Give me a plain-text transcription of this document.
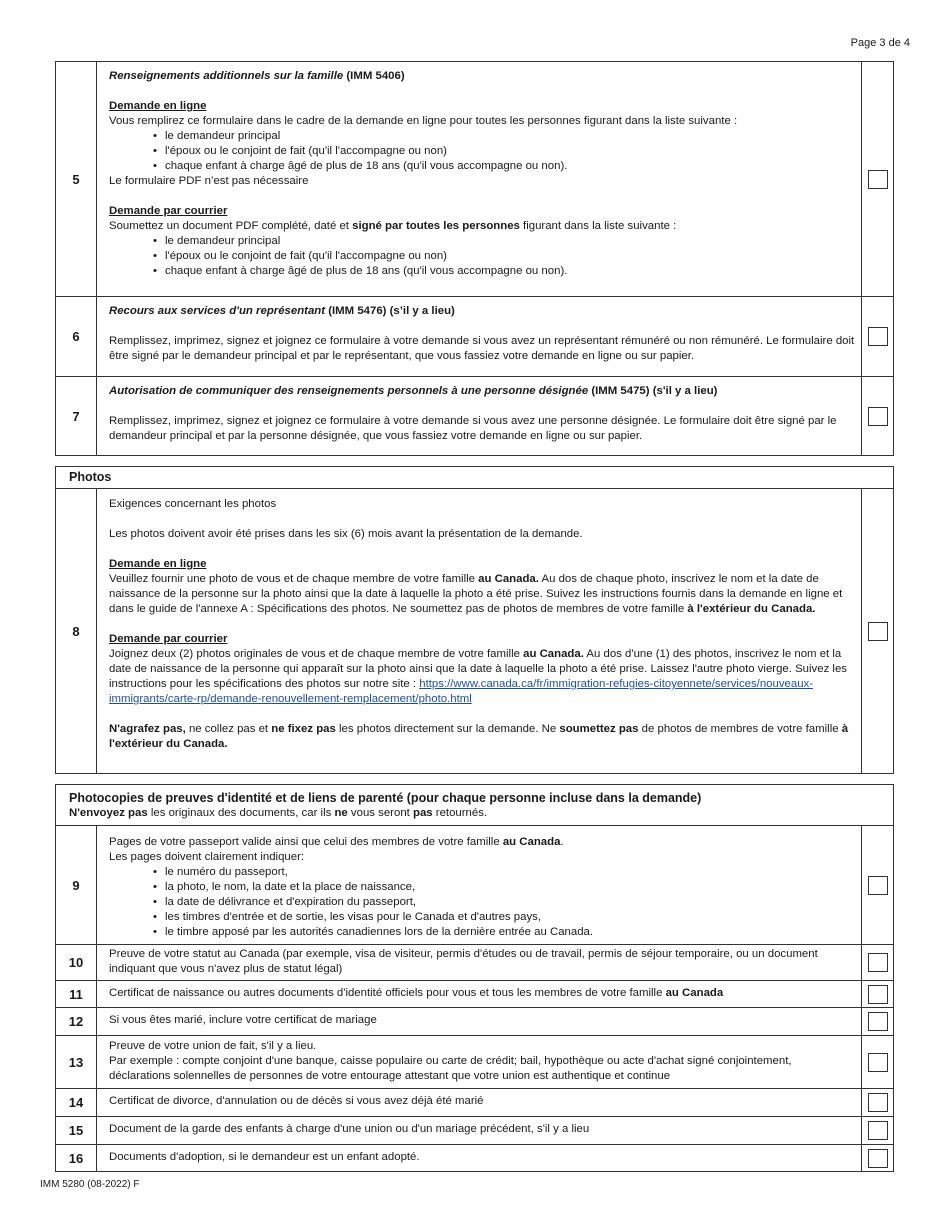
Page 3 de 4
5
Renseignements additionnels sur la famille (IMM 5406)
Demande en ligne
Vous remplirez ce formulaire dans le cadre de la demande en ligne pour toutes les personnes figurant dans la liste suivante :
• le demandeur principal
• l'époux ou le conjoint de fait (qu'il l'accompagne ou non)
• chaque enfant à charge âgé de plus de 18 ans (qu'il vous accompagne ou non).
Le formulaire PDF n’est pas nécessaire
Demande par courrier
Soumettez un document PDF complété, daté et signé par toutes les personnes figurant dans la liste suivante :
• le demandeur principal
• l'époux ou le conjoint de fait (qu'il l'accompagne ou non)
• chaque enfant à charge âgé de plus de 18 ans (qu'il vous accompagne ou non).
6
Recours aux services d'un représentant (IMM 5476) (s’il y a lieu)
Remplissez, imprimez, signez et joignez ce formulaire à votre demande si vous avez un représentant rémunéré ou non rémunéré. Le formulaire doit être signé par le demandeur principal et par le représentant, que vous fassiez votre demande en ligne ou sur papier.
7
Autorisation de communiquer des renseignements personnels à une personne désignée (IMM 5475) (s'il y a lieu)
Remplissez, imprimez, signez et joignez ce formulaire à votre demande si vous avez une personne désignée. Le formulaire doit être signé par le demandeur principal et par la personne désignée, que vous fassiez votre demande en ligne ou sur papier.
Photos
8
Exigences concernant les photos
Les photos doivent avoir été prises dans les six (6) mois avant la présentation de la demande.
Demande en ligne
Veuillez fournir une photo de vous et de chaque membre de votre famille au Canada. Au dos de chaque photo, inscrivez le nom et la date de naissance de la personne sur la photo ainsi que la date à laquelle la photo a été prise. Suivez les instructions fournis dans la demande en ligne et dans le guide de l'annexe A : Spécifications des photos. Ne soumettez pas de photos de membres de votre famille à l'extérieur du Canada.
Demande par courrier
Joignez deux (2) photos originales de vous et de chaque membre de votre famille au Canada. Au dos d'une (1) des photos, inscrivez le nom et la date de naissance de la personne qui apparaît sur la photo ainsi que la date à laquelle la photo a été prise. Laissez l'autre photo vierge. Suivez les instructions pour les spécifications des photos sur notre site : https://www.canada.ca/fr/immigration-refugies-citoyennete/services/nouveaux-immigrants/carte-rp/demande-renouvellement-remplacement/photo.html
N'agrafez pas, ne collez pas et ne fixez pas les photos directement sur la demande. Ne soumettez pas de photos de membres de votre famille à l'extérieur du Canada.
Photocopies de preuves d'identité et de liens de parenté (pour chaque personne incluse dans la demande)
N'envoyez pas les originaux des documents, car ils ne vous seront pas retournés.
9
Pages de votre passeport valide ainsi que celui des membres de votre famille au Canada.
Les pages doivent clairement indiquer:
• le numéro du passeport,
• la photo, le nom, la date et la place de naissance,
• la date de délivrance et d'expiration du passeport,
• les timbres d'entrée et de sortie, les visas pour le Canada et d'autres pays,
• le timbre apposé par les autorités canadiennes lors de la dernière entrée au Canada.
10
Preuve de votre statut au Canada (par exemple, visa de visiteur, permis d'études ou de travail, permis de séjour temporaire, ou un document indiquant que vous n'avez plus de statut légal)
11	Certificat de naissance ou autres documents d'identité officiels pour vous et tous les membres de votre famille au Canada
12	Si vous êtes marié, inclure votre certificat de mariage
13
Preuve de votre union de fait, s'il y a lieu.
Par exemple : compte conjoint d'une banque, caisse populaire ou carte de crédit; bail, hypothèque ou acte d'achat signé conjointement, déclarations solennelles de personnes de votre entourage attestant que votre union est authentique et continue
14	Certificat de divorce, d'annulation ou de décès si vous avez déjà été marié
15	Document de la garde des enfants à charge d'une union ou d'un mariage précédent, s'il y a lieu
16	Documents d'adoption, si le demandeur est un enfant adopté.
IMM 5280 (08-2022) F
